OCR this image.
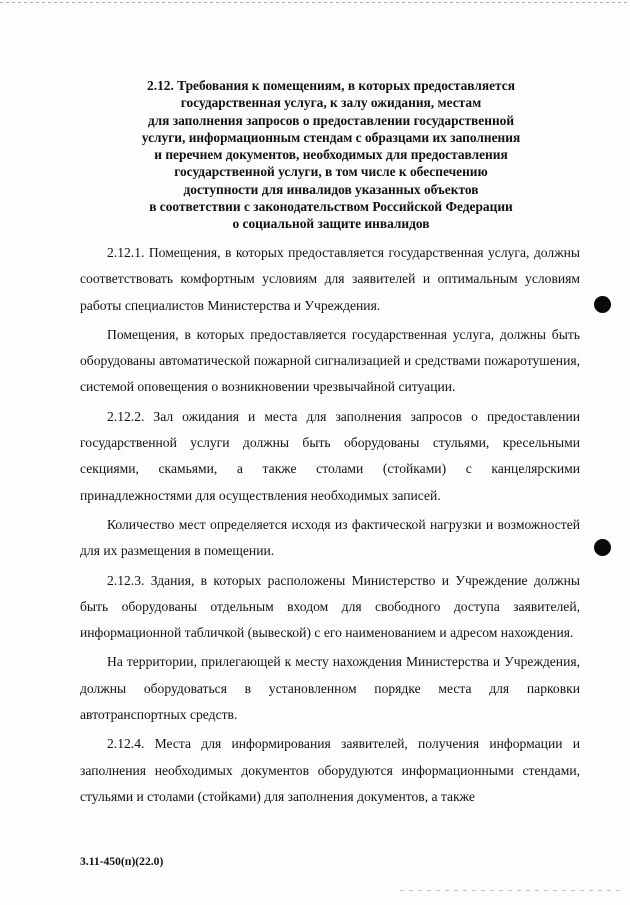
2.12. Требования к помещениям, в которых предоставляется
государственная услуга, к залу ожидания, местам
для заполнения запросов о предоставлении государственной
услуги, информационным стендам с образцами их заполнения
и перечнем документов, необходимых для предоставления
государственной услуги, в том числе к обеспечению
доступности для инвалидов указанных объектов
в соответствии с законодательством Российской Федерации
о социальной защите инвалидов

2.12.1. Помещения, в которых предоставляется государственная услуга, должны соответствовать комфортным условиям для заявителей и оптимальным условиям работы специалистов Министерства и Учреждения.

Помещения, в которых предоставляется государственная услуга, должны быть оборудованы автоматической пожарной сигнализацией и средствами пожаротушения, системой оповещения о возникновении чрезвычайной ситуации.

2.12.2. Зал ожидания и места для заполнения запросов о предоставлении государственной услуги должны быть оборудованы стульями, кресельными секциями, скамьями, а также столами (стойками) с канцелярскими принадлежностями для осуществления необходимых записей.

Количество мест определяется исходя из фактической нагрузки и возможностей для их размещения в помещении.

2.12.3. Здания, в которых расположены Министерство и Учреждение должны быть оборудованы отдельным входом для свободного доступа заявителей, информационной табличкой (вывеской) с его наименованием и адресом нахождения.

На территории, прилегающей к месту нахождения Министерства и Учреждения, должны оборудоваться в установленном порядке места для парковки автотранспортных средств.

2.12.4. Места для информирования заявителей, получения информации и заполнения необходимых документов оборудуются информационными стендами, стульями и столами (стойками) для заполнения документов, а также

3.11-450(п)(22.0)
